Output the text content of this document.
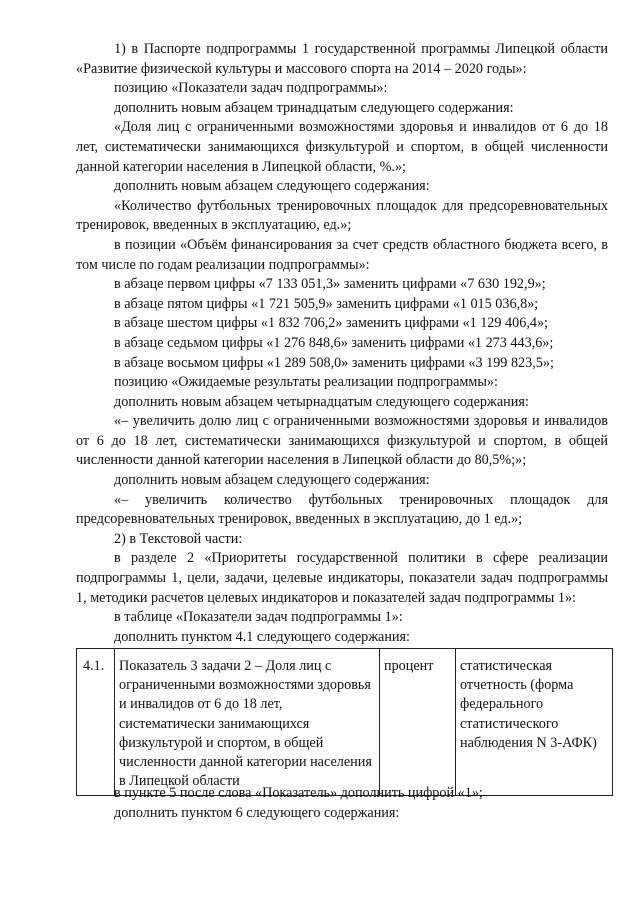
1) в Паспорте подпрограммы 1 государственной программы Липецкой области «Развитие физической культуры и массового спорта на 2014 – 2020 годы»:

позицию «Показатели задач подпрограммы»:

дополнить новым абзацем тринадцатым следующего содержания:

«Доля лиц с ограниченными возможностями здоровья и инвалидов от 6 до 18 лет, систематически занимающихся физкультурой и спортом, в общей численности данной категории населения в Липецкой области, %.»;

дополнить новым абзацем следующего содержания:

«Количество футбольных тренировочных площадок для предсоревновательных тренировок, введенных в эксплуатацию, ед.»;

в позиции «Объём финансирования за счет средств областного бюджета всего, в том числе по годам реализации подпрограммы»:

в абзаце первом цифры «7 133 051,3» заменить цифрами «7 630 192,9»;

в абзаце пятом цифры «1 721 505,9» заменить цифрами «1 015 036,8»;

в абзаце шестом цифры «1 832 706,2» заменить цифрами «1 129 406,4»;

в абзаце седьмом цифры «1 276 848,6» заменить цифрами «1 273 443,6»;

в абзаце восьмом цифры «1 289 508,0» заменить цифрами «3 199 823,5»;

позицию «Ожидаемые результаты реализации подпрограммы»:

дополнить новым абзацем четырнадцатым следующего содержания:

«– увеличить долю лиц с ограниченными возможностями здоровья и инвалидов от 6 до 18 лет, систематически занимающихся физкультурой и спортом, в общей численности данной категории населения в Липецкой области до 80,5%;»;

дополнить новым абзацем следующего содержания:

«– увеличить количество футбольных тренировочных площадок для предсоревновательных тренировок, введенных в эксплуатацию, до 1 ед.»;

2) в Текстовой части:

в разделе 2 «Приоритеты государственной политики в сфере реализации подпрограммы 1, цели, задачи, целевые индикаторы, показатели задач подпрограммы 1, методики расчетов целевых индикаторов и показателей задач подпрограммы 1»:

в таблице «Показатели задач подпрограммы 1»:

дополнить пунктом 4.1 следующего содержания:

4.1.	Показатель 3 задачи 2 – Доля лиц с ограниченными возможностями здоровья и инвалидов от 6 до 18 лет, систематически занимающихся физкультурой и спортом, в общей численности данной категории населения в Липецкой области	процент	статистическая отчетность (форма федерального статистического наблюдения N 3-АФК)

в пункте 5 после слова «Показатель» дополнить цифрой «1»;

дополнить пунктом 6 следующего содержания:
